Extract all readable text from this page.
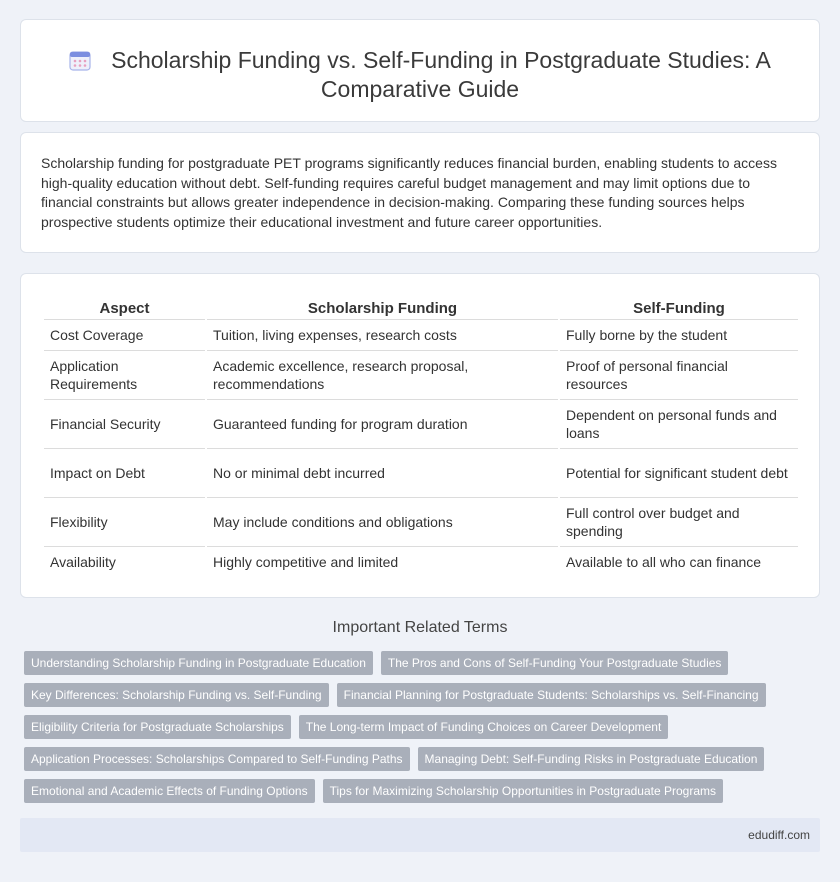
Scholarship Funding vs. Self-Funding in Postgraduate Studies: A Comparative Guide

Scholarship funding for postgraduate PET programs significantly reduces financial burden, enabling students to access high-quality education without debt. Self-funding requires careful budget management and may limit options due to financial constraints but allows greater independence in decision-making. Comparing these funding sources helps prospective students optimize their educational investment and future career opportunities.

Aspect	Scholarship Funding	Self-Funding
Cost Coverage	Tuition, living expenses, research costs	Fully borne by the student
Application Requirements	Academic excellence, research proposal, recommendations	Proof of personal financial resources
Financial Security	Guaranteed funding for program duration	Dependent on personal funds and loans
Impact on Debt	No or minimal debt incurred	Potential for significant student debt
Flexibility	May include conditions and obligations	Full control over budget and spending
Availability	Highly competitive and limited	Available to all who can finance
Important Related Terms
Understanding Scholarship Funding in Postgraduate Education	The Pros and Cons of Self-Funding Your Postgraduate Studies
Key Differences: Scholarship Funding vs. Self-Funding	Financial Planning for Postgraduate Students: Scholarships vs. Self-Financing
Eligibility Criteria for Postgraduate Scholarships	The Long-term Impact of Funding Choices on Career Development
Application Processes: Scholarships Compared to Self-Funding Paths	Managing Debt: Self-Funding Risks in Postgraduate Education
Emotional and Academic Effects of Funding Options	Tips for Maximizing Scholarship Opportunities in Postgraduate Programs
edudiff.com
